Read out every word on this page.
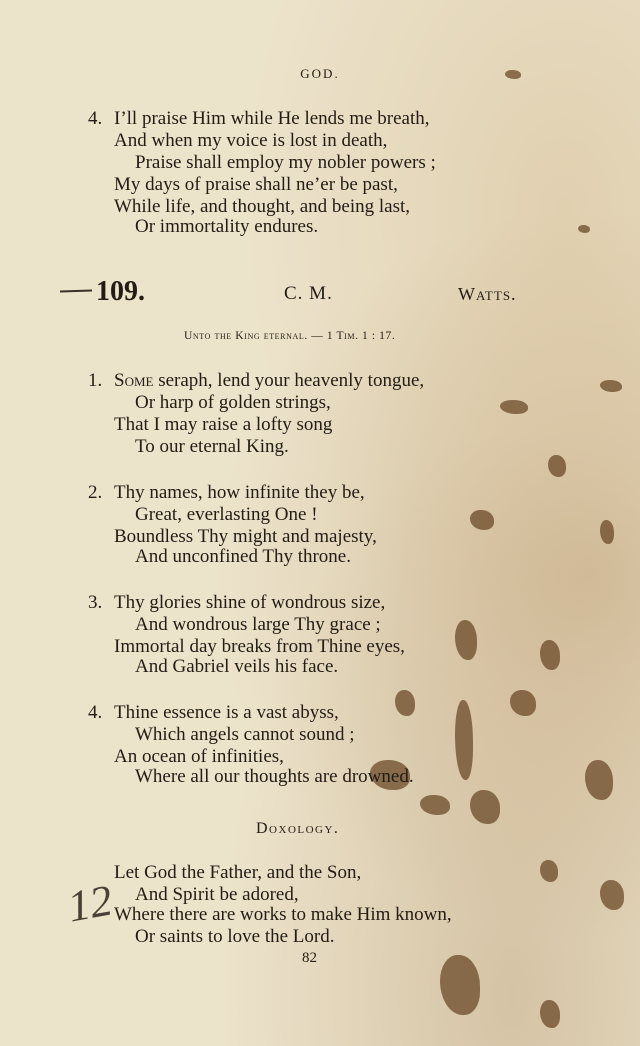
GOD.
4. I’ll praise Him while He lends me breath,
And when my voice is lost in death,
Praise shall employ my nobler powers ;
My days of praise shall ne’er be past,
While life, and thought, and being last,
Or immortality endures.
109.	C. M.	Watts.
Unto the King eternal. — 1 Tim. 1 : 17.
1. Some seraph, lend your heavenly tongue,
Or harp of golden strings,
That I may raise a lofty song
To our eternal King.
2. Thy names, how infinite they be,
Great, everlasting One !
Boundless Thy might and majesty,
And unconfined Thy throne.
3. Thy glories shine of wondrous size,
And wondrous large Thy grace ;
Immortal day breaks from Thine eyes,
And Gabriel veils his face.
4. Thine essence is a vast abyss,
Which angels cannot sound ;
An ocean of infinities,
Where all our thoughts are drowned.
Doxology.
Let God the Father, and the Son,
And Spirit be adored,
Where there are works to make Him known,
Or saints to love the Lord.
12
82
